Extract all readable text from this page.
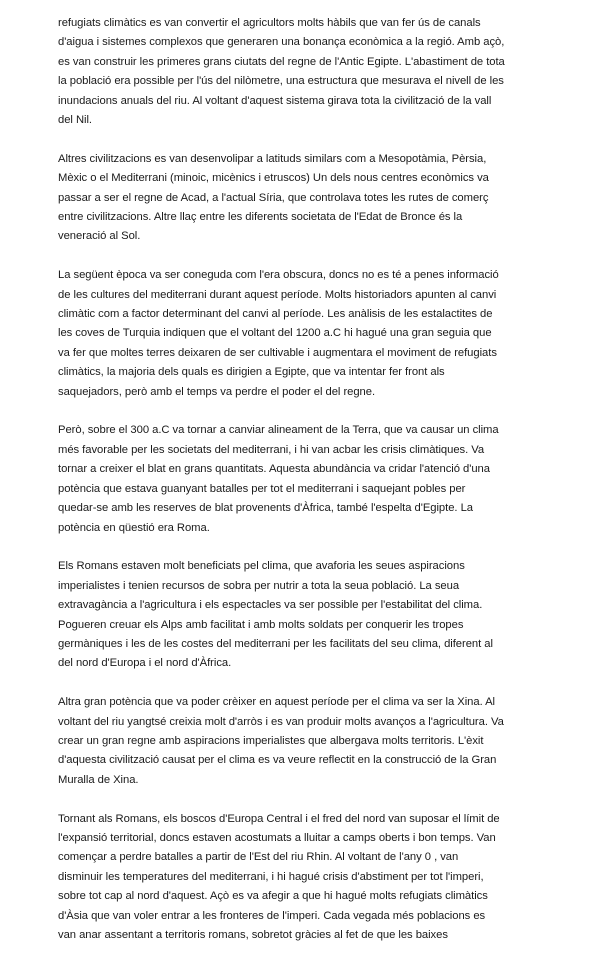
refugiats climàtics es van convertir el agricultors molts hàbils que van fer ús de canals
d'aigua i sistemes complexos que generaren una bonança econòmica a la regió. Amb açò,
es van construir les primeres grans ciutats del regne de l'Antic Egipte. L'abastiment de tota
la població era possible per l'ús del nilòmetre, una estructura que mesurava el nivell de les
inundacions anuals del riu. Al voltant d'aquest sistema girava tota la civilització de la vall
del Nil.

Altres civilitzacions es van desenvolipar a latituds similars com a Mesopotàmia, Pèrsia,
Mèxic o el Mediterrani (minoic, micènics i etruscos) Un dels nous centres econòmics va
passar a ser el regne de Acad, a l'actual Síria, que controlava totes les rutes de comerç
entre civilitzacions. Altre llaç entre les diferents societata de l'Edat de Bronce és la
veneració al Sol.

La següent època va ser coneguda com l'era obscura, doncs no es té a penes informació
de les cultures del mediterrani durant aquest període. Molts historiadors apunten al canvi
climàtic com a factor determinant del canvi al període. Les anàlisis de les estalactites de
les coves de Turquia indiquen que el voltant del 1200 a.C hi hagué una gran seguia que
va fer que moltes terres deixaren de ser cultivable i augmentara el moviment de refugiats
climàtics, la majoria dels quals es dirigien a Egipte, que va intentar fer front als
saquejadors, però amb el temps va perdre el poder el del regne.

Però, sobre el 300 a.C va tornar a canviar alineament de la Terra, que va causar un clima
més favorable per les societats del mediterrani, i hi van acbar les crisis climàtiques. Va
tornar a creixer el blat en grans quantitats. Aquesta abundància va cridar l'atenció d'una
potència que estava guanyant batalles per tot el mediterrani i saquejant pobles per
quedar-se amb les reserves de blat provenents d'Àfrica, també l'espelta d'Egipte. La
potència en qüestió era Roma.

Els Romans estaven molt beneficiats pel clima, que avaforia les seues aspiracions
imperialistes i tenien recursos de sobra per nutrir a tota la seua població. La seua
extravagància a l'agricultura i els espectacles va ser possible per l'estabilitat del clima.
Pogueren creuar els Alps amb facilitat i amb molts soldats per conquerir les tropes
germàniques i les de les costes del mediterrani per les facilitats del seu clima, diferent al
del nord d'Europa i el nord d'Àfrica.

Altra gran potència que va poder crèixer en aquest període per el clima va ser la Xina. Al
voltant del riu yangtsé creixia molt d'arròs i es van produir molts avanços a l'agricultura. Va
crear un gran regne amb aspiracions imperialistes que albergava molts territoris. L'èxit
d'aquesta civilització causat per el clima es va veure reflectit en la construcció de la Gran
Muralla de Xina.

Tornant als Romans, els boscos d'Europa Central i el fred del nord van suposar el límit de
l'expansió territorial, doncs estaven acostumats a lluitar a camps oberts i bon temps. Van
començar a perdre batalles a partir de l'Est del riu Rhin. Al voltant de l'any 0 , van
disminuir les temperatures del mediterrani, i hi hagué crisis d'abstiment per tot l'imperi,
sobre tot cap al nord d'aquest. Açò es va afegir a que hi hagué molts refugiats climàtics
d'Àsia que van voler entrar a les fronteres de l'imperi. Cada vegada més poblacions es
van anar assentant a territoris romans, sobretot gràcies al fet de que les baixes
